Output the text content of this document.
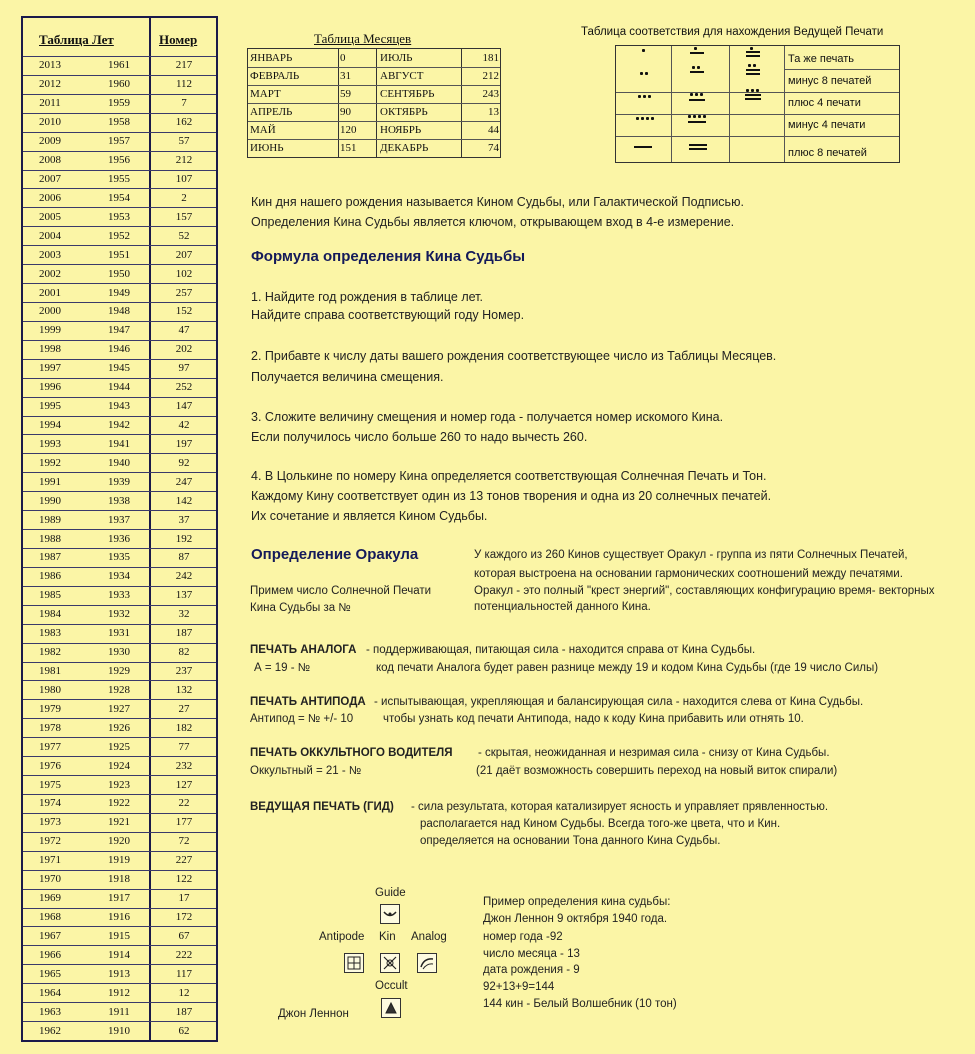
Таблица Лет	Номер
2013	1961	217
2012	1960	112
2011	1959	7
2010	1958	162
2009	1957	57
2008	1956	212
2007	1955	107
2006	1954	2
2005	1953	157
2004	1952	52
2003	1951	207
2002	1950	102
2001	1949	257
2000	1948	152
1999	1947	47
1998	1946	202
1997	1945	97
1996	1944	252
1995	1943	147
1994	1942	42
1993	1941	197
1992	1940	92
1991	1939	247
1990	1938	142
1989	1937	37
1988	1936	192
1987	1935	87
1986	1934	242
1985	1933	137
1984	1932	32
1983	1931	187
1982	1930	82
1981	1929	237
1980	1928	132
1979	1927	27
1978	1926	182
1977	1925	77
1976	1924	232
1975	1923	127
1974	1922	22
1973	1921	177
1972	1920	72
1971	1919	227
1970	1918	122
1969	1917	17
1968	1916	172
1967	1915	67
1966	1914	222
1965	1913	117
1964	1912	12
1963	1911	187
1962	1910	62
Таблица Месяцев
ЯНВАРЬ	0	ИЮЛЬ	181
ФЕВРАЛЬ	31	АВГУСТ	212
МАРТ	59	СЕНТЯБРЬ	243
АПРЕЛЬ	90	ОКТЯБРЬ	13
МАЙ	120	НОЯБРЬ	44
ИЮНЬ	151	ДЕКАБРЬ	74
Таблица соответствия для нахождения Ведущей Печати
Та же печать
минус 8 печатей
плюс 4 печати
минус 4 печати
плюс 8 печатей
Кин дня нашего рождения называется Кином Судьбы, или Галактической Подписью.
Определения Кина Судьбы является ключом, открывающем вход в 4-е измерение.
Формула определения Кина Судьбы
1. Найдите год рождения в таблице лет.
Найдите справа соответствующий году Номер.
2. Прибавте к числу даты вашего рождения соответствующее число из Таблицы Месяцев.
Получается величина смещения.
3. Сложите величину смещения и номер года - получается номер искомого Кина.
Если получилось число больше 260 то надо вычесть 260.
4. В Цолькине по номеру Кина определяется соответствующая Солнечная Печать и Тон.
Каждому Кину соответствует один из 13 тонов творения и одна из 20 солнечных печатей.
Их сочетание и является Кином Судьбы.
Определение Оракула
Примем число Солнечной Печати
Кина Судьбы за №
У каждого из 260 Кинов существует Оракул - группа из пяти Солнечных Печатей,
которая выстроена на основании гармонических соотношений между печатями.
Оракул - это полный "крест энергий", составляющих конфигурацию время- векторных
потенциальностей данного Кина.
ПЕЧАТЬ АНАЛОГА - поддерживающая, питающая сила - находится справа от Кина Судьбы.
А = 19 - №	код печати Аналога будет равен разнице между 19 и кодом Кина Судьбы (где 19 число Силы)
ПЕЧАТЬ АНТИПОДА - испытывающая, укрепляющая и балансирующая сила - находится слева от Кина Судьбы.
Антипод = № +/- 10	чтобы узнать код печати Антипода, надо к коду Кина прибавить или отнять 10.
ПЕЧАТЬ ОККУЛЬТНОГО ВОДИТЕЛЯ - скрытая, неожиданная и незримая сила - снизу от Кина Судьбы.
Оккультный = 21 - №	(21 даёт возможность совершить переход на новый виток спирали)
ВЕДУЩАЯ ПЕЧАТЬ (ГИД) - сила результата, которая катализирует ясность и управляет прявленностью.
располагается над Кином Судьбы. Всегда того-же цвета, что и Кин.
определяется на основании Тона данного Кина Судьбы.
Guide
Antipode Kin Analog
Occult
Джон Леннон
Пример определения кина судьбы:
Джон Леннон 9 октября 1940 года.
номер года -92
число месяца - 13
дата рождения - 9
92+13+9=144
144 кин - Белый Волшебник (10 тон)
